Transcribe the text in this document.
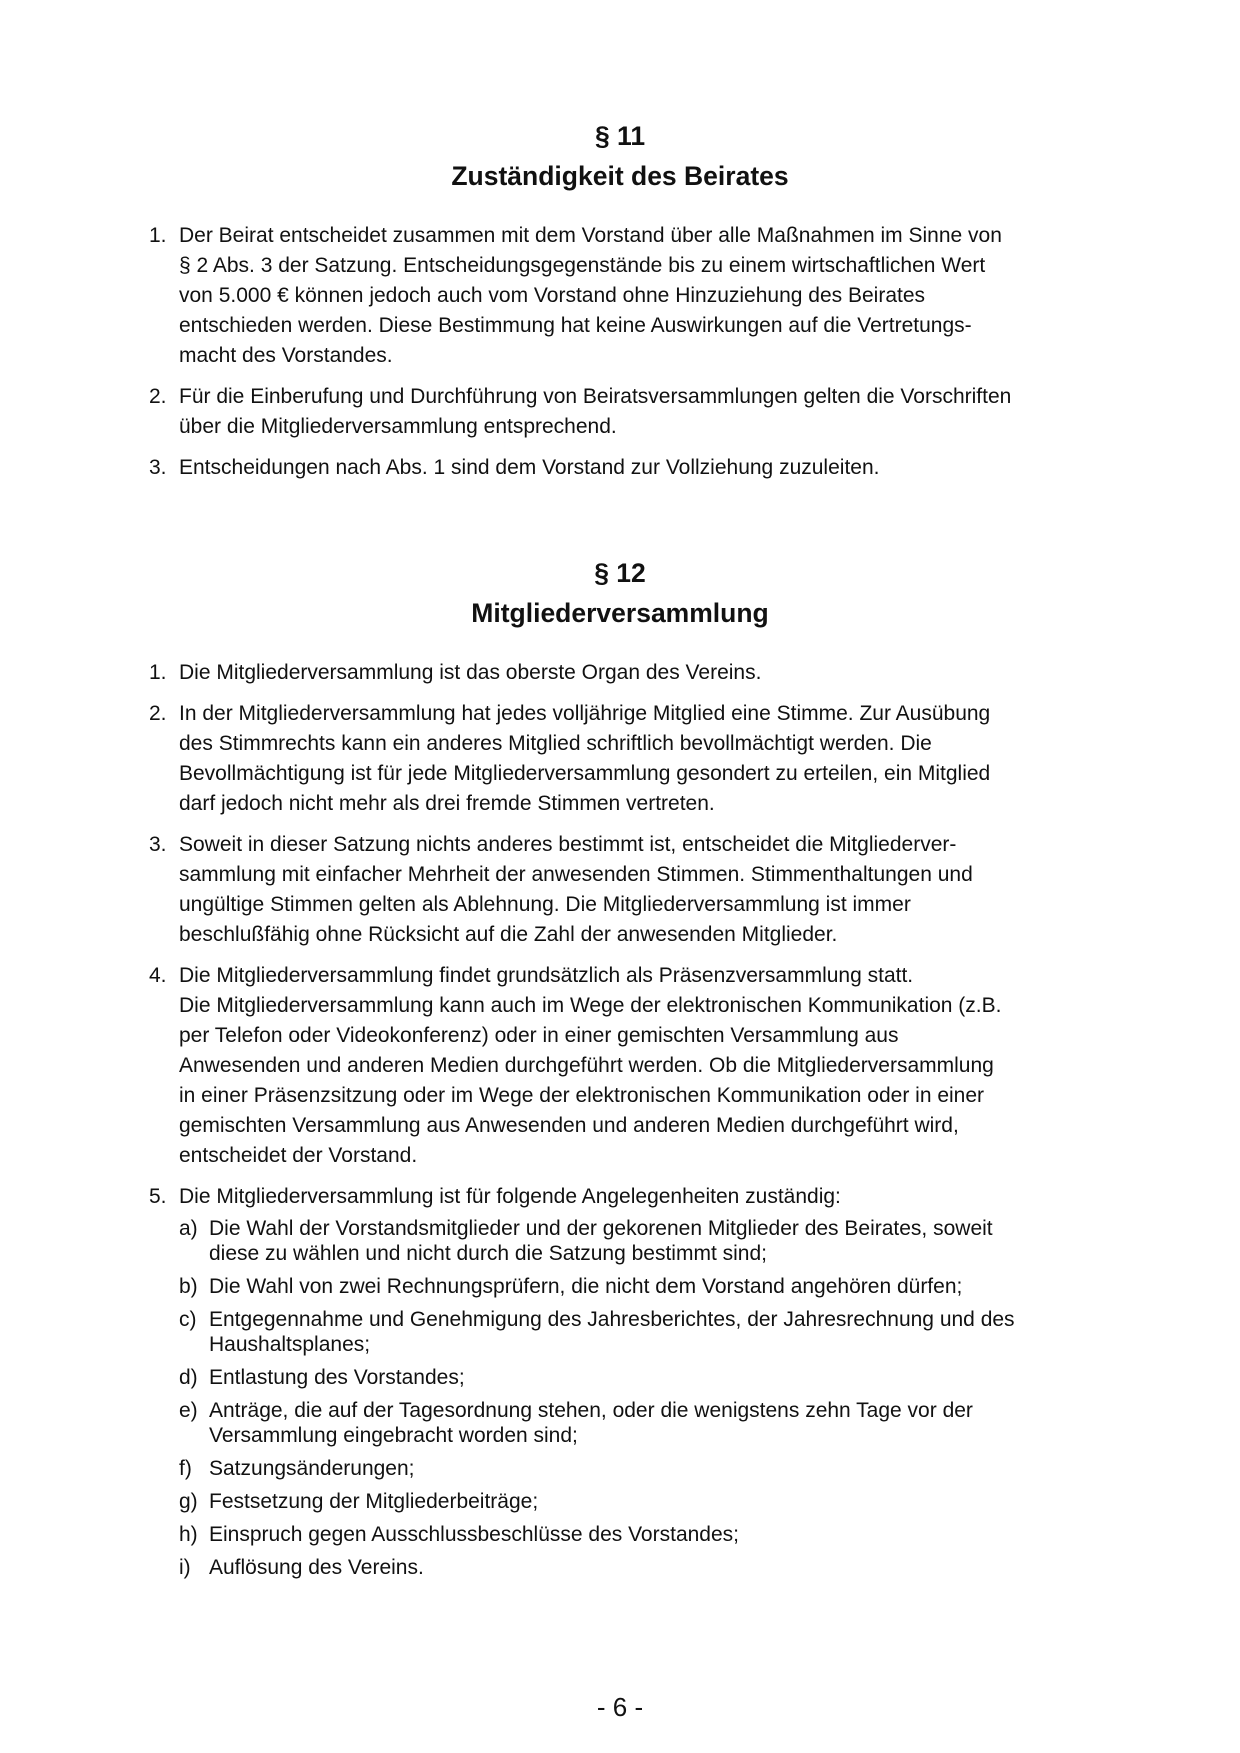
§ 11
Zuständigkeit des Beirates
1. Der Beirat entscheidet zusammen mit dem Vorstand über alle Maßnahmen im Sinne von
§ 2 Abs. 3 der Satzung. Entscheidungsgegenstände bis zu einem wirtschaftlichen Wert
von 5.000 € können jedoch auch vom Vorstand ohne Hinzuziehung des Beirates
entschieden werden. Diese Bestimmung hat keine Auswirkungen auf die Vertretungs-
macht des Vorstandes.
2. Für die Einberufung und Durchführung von Beiratsversammlungen gelten die Vorschriften
über die Mitgliederversammlung entsprechend.
3. Entscheidungen nach Abs. 1 sind dem Vorstand zur Vollziehung zuzuleiten.
§ 12
Mitgliederversammlung
1. Die Mitgliederversammlung ist das oberste Organ des Vereins.
2. In der Mitgliederversammlung hat jedes volljährige Mitglied eine Stimme. Zur Ausübung
des Stimmrechts kann ein anderes Mitglied schriftlich bevollmächtigt werden. Die
Bevollmächtigung ist für jede Mitgliederversammlung gesondert zu erteilen, ein Mitglied
darf jedoch nicht mehr als drei fremde Stimmen vertreten.
3. Soweit in dieser Satzung nichts anderes bestimmt ist, entscheidet die Mitgliederver-
sammlung mit einfacher Mehrheit der anwesenden Stimmen. Stimmenthaltungen und
ungültige Stimmen gelten als Ablehnung. Die Mitgliederversammlung ist immer
beschlußfähig ohne Rücksicht auf die Zahl der anwesenden Mitglieder.
4. Die Mitgliederversammlung findet grundsätzlich als Präsenzversammlung statt.
Die Mitgliederversammlung kann auch im Wege der elektronischen Kommunikation (z.B.
per Telefon oder Videokonferenz) oder in einer gemischten Versammlung aus
Anwesenden und anderen Medien durchgeführt werden. Ob die Mitgliederversammlung
in einer Präsenzsitzung oder im Wege der elektronischen Kommunikation oder in einer
gemischten Versammlung aus Anwesenden und anderen Medien durchgeführt wird,
entscheidet der Vorstand.
5. Die Mitgliederversammlung ist für folgende Angelegenheiten zuständig:
a) Die Wahl der Vorstandsmitglieder und der gekorenen Mitglieder des Beirates, soweit
diese zu wählen und nicht durch die Satzung bestimmt sind;
b) Die Wahl von zwei Rechnungsprüfern, die nicht dem Vorstand angehören dürfen;
c) Entgegennahme und Genehmigung des Jahresberichtes, der Jahresrechnung und des
Haushaltsplanes;
d) Entlastung des Vorstandes;
e) Anträge, die auf der Tagesordnung stehen, oder die wenigstens zehn Tage vor der
Versammlung eingebracht worden sind;
f) Satzungsänderungen;
g) Festsetzung der Mitgliederbeiträge;
h) Einspruch gegen Ausschlussbeschlüsse des Vorstandes;
i) Auflösung des Vereins.
- 6 -
